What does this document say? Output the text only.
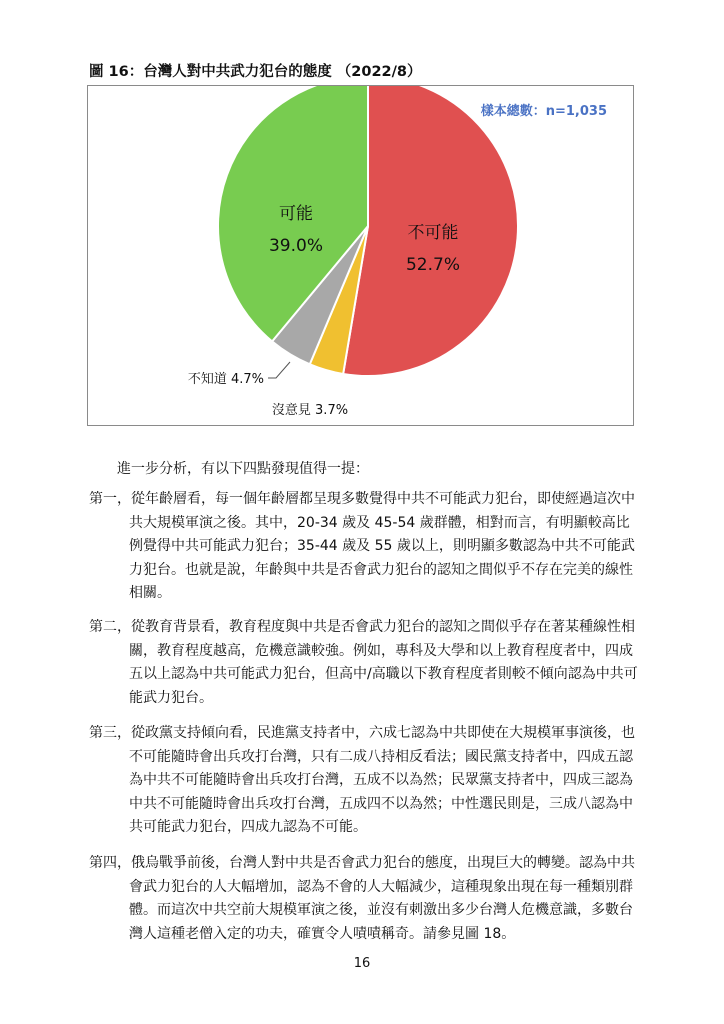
圖 16：台灣人對中共武力犯台的態度 （2022/8）
不可能
52.7%
可能
39.0%
不知道 4.7%
沒意見 3.7%
樣本總數：n=1,035
進一步分析，有以下四點發現值得一提：
第一，從年齡層看，每一個年齡層都呈現多數覺得中共不可能武力犯台，即使經過這次中共大規模軍演之後。其中，20-34 歲及 45-54 歲群體，相對而言，有明顯較高比例覺得中共可能武力犯台；35-44 歲及 55 歲以上，則明顯多數認為中共不可能武力犯台。也就是說，年齡與中共是否會武力犯台的認知之間似乎不存在完美的線性相關。
第二，從教育背景看，教育程度與中共是否會武力犯台的認知之間似乎存在著某種線性相關，教育程度越高，危機意識較強。例如，專科及大學和以上教育程度者中，四成五以上認為中共可能武力犯台，但高中/高職以下教育程度者則較不傾向認為中共可能武力犯台。
第三，從政黨支持傾向看，民進黨支持者中，六成七認為中共即使在大規模軍事演後，也不可能隨時會出兵攻打台灣，只有二成八持相反看法；國民黨支持者中，四成五認為中共不可能隨時會出兵攻打台灣，五成不以為然；民眾黨支持者中，四成三認為中共不可能隨時會出兵攻打台灣，五成四不以為然；中性選民則是，三成八認為中共可能武力犯台，四成九認為不可能。
第四，俄烏戰爭前後，台灣人對中共是否會武力犯台的態度，出現巨大的轉變。認為中共會武力犯台的人大幅增加，認為不會的人大幅減少，這種現象出現在每一種類別群體。而這次中共空前大規模軍演之後，並沒有刺激出多少台灣人危機意識，多數台灣人這種老僧入定的功夫，確實令人嘖嘖稱奇。請參見圖 18。
16
